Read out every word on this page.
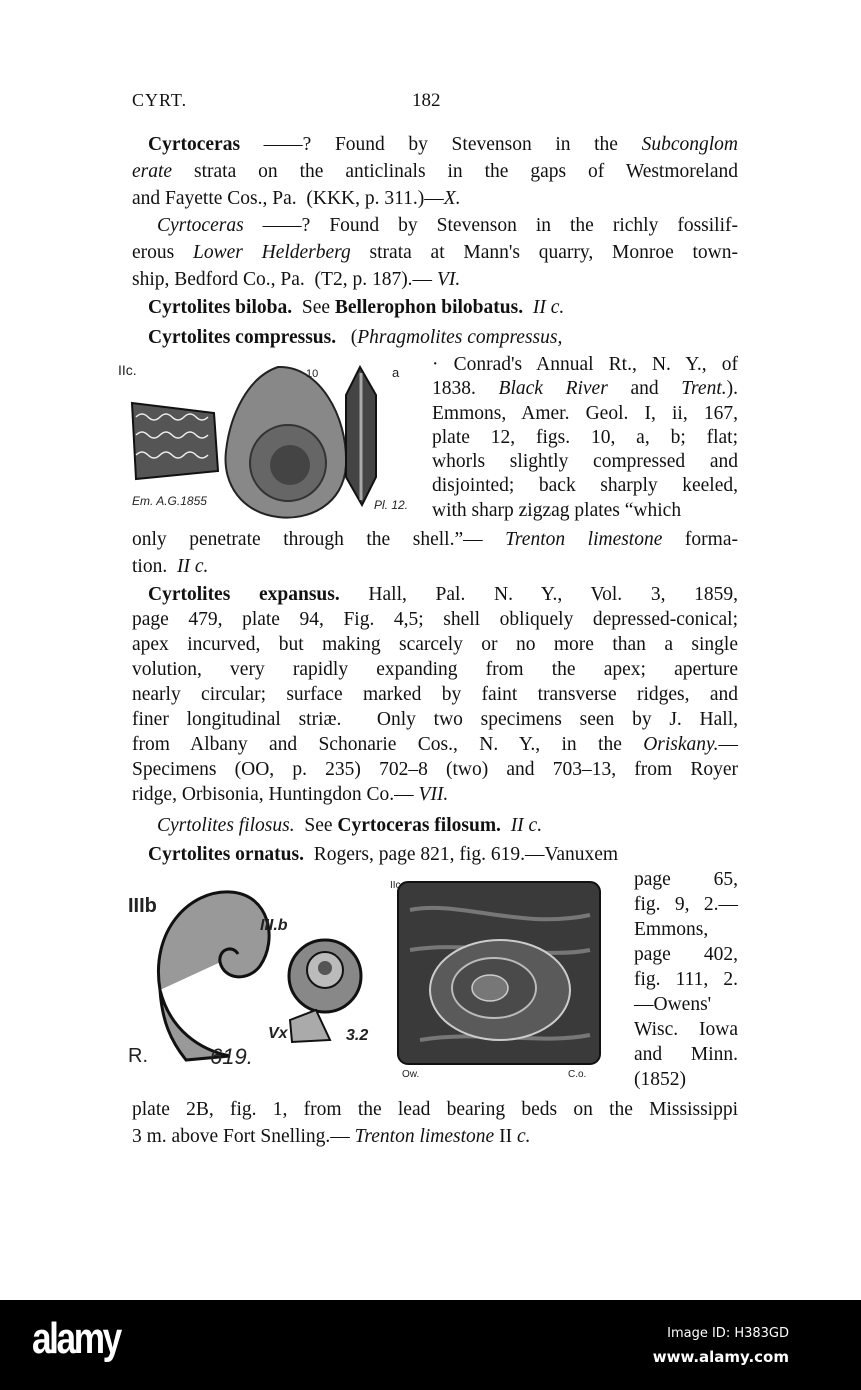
CYRT.	182
Cyrtoceras ——? Found by Stevenson in the Subconglom
erate strata on the anticlinals in the gaps of Westmoreland
and Fayette Cos., Pa.  (KKK, p. 311.)—X.
Cyrtoceras ——? Found by Stevenson in the richly fossilif-
erous Lower Helderberg strata at Mann's quarry, Monroe town-
ship, Bedford Co., Pa.  (T2, p. 187).— VI.
Cyrtolites biloba.  See Bellerophon bilobatus. II c.
Cyrtolites compressus.   (Phragmolites compressus,
· Conrad's Annual Rt., N. Y., of
1838. Black River and Trent.).
Emmons, Amer. Geol. I, ii, 167,
plate 12, figs. 10, a, b; flat;
whorls slightly compressed and
disjointed; back sharply keeled,
with sharp zigzag plates “which
only penetrate through the shell.”— Trenton limestone forma-
tion.  II c.
Cyrtolites expansus. Hall, Pal. N. Y., Vol. 3, 1859,
page 479, plate 94, Fig. 4,5; shell obliquely depressed-conical;
apex incurved, but making scarcely or no more than a single
volution, very rapidly expanding from the apex; aperture
nearly circular; surface marked by faint transverse ridges, and
finer longitudinal striæ.  Only two specimens seen by J. Hall,
from Albany and Schonarie Cos., N. Y., in the Oriskany.—
Specimens (OO, p. 235) 702–8 (two) and 703–13, from Royer
ridge, Orbisonia, Huntingdon Co.— VII.
Cyrtolites filosus.  See Cyrtoceras filosum. II c.
Cyrtolites ornatus.  Rogers, page 821, fig. 619.—Vanuxem
page 65,
fig. 9, 2.—
Emmons,
page 402,
fig. 111, 2.
—Owens'
Wisc. Iowa
and Minn.
(1852)
plate 2B, fig. 1, from the lead bearing beds on the Mississippi
3 m. above Fort Snelling.— Trenton limestone II c.
IIc.	10	a
Em. A.G.1855	Pl. 12.
IIIb
III.b
Vx	3.2
R.	619.
IIc
Ow.	C.o.
alamy	Image ID: H383GD
www.alamy.com
